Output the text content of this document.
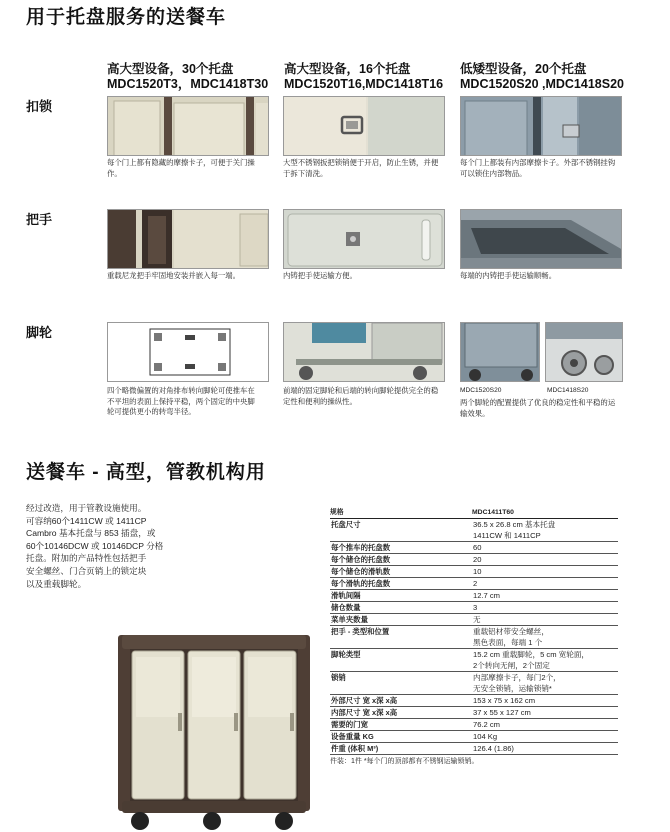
用于托盘服务的送餐车
高大型设备，30个托盘
MDC1520T3，MDC1418T30
高大型设备，16个托盘
MDC1520T16,MDC1418T16
低矮型设备，20个托盘
MDC1520S20 ,MDC1418S20
扣锁
把手
脚轮
每个门上都有隐藏的摩擦卡子，可便于关门操作。
大型不锈钢扳把锁销便于开启，防止生锈，并便于拆下清洗。
每个门上都装有内部摩擦卡子。外部不锈钢挂钩可以锁住内部物品。
重载尼龙把手牢固地安装并嵌入每一端。	内铸把手使运输方便。	每端的内铸把手使运输顺畅。
四个略微偏置的对角排布转向脚轮可使推车在不平坦的表面上保持平稳，两个固定的中央脚轮可提供更小的转弯半径。
前端的固定脚轮和后端的转向脚轮提供完全的稳定性和便利的操纵性。
MDC1520S20	MDC1418S20
两个脚轮的配置提供了优良的稳定性和平稳的运输效果。
送餐车 - 高型，管教机构用
经过改造，用于管教设施使用。
可容纳60个1411CW 或 1411CP
Cambro 基本托盘与 853 插盘，或
60个10146DCW 或 10146DCP 分格
托盘。附加的产品特性包括把手
安全螺丝、门合页销上的锁定块
以及重载脚轮。
规格	MDC1411T60
托盘尺寸	36.5 x 26.8 cm 基本托盘
1411CW 和 1411CP
每个推车的托盘数	60
每个储仓的托盘数	20
每个储仓的滑轨数	10
每个滑轨的托盘数	2
滑轨间隔	12.7 cm
储仓数量	3
菜单夹数量	无
把手 - 类型和位置	重载铝材带安全螺丝，
黑色表面，每端 1 个
脚轮类型	15.2 cm 重载脚轮，5 cm 宽轮面，
2个转向无闸，2个固定
锁销	内部摩擦卡子，每门2个，
无安全锁销，运输锁销*
外部尺寸 宽 x深 x高	153 x 75 x 162 cm
内部尺寸 宽 x深 x高	37 x 55 x 127 cm
需要的门宽	76.2 cm
设备重量 KG	104 Kg
件重 (体积 M³)	126.4 (1.86)
件装：1件 *每个门的顶部都有不锈钢运输锁销。
